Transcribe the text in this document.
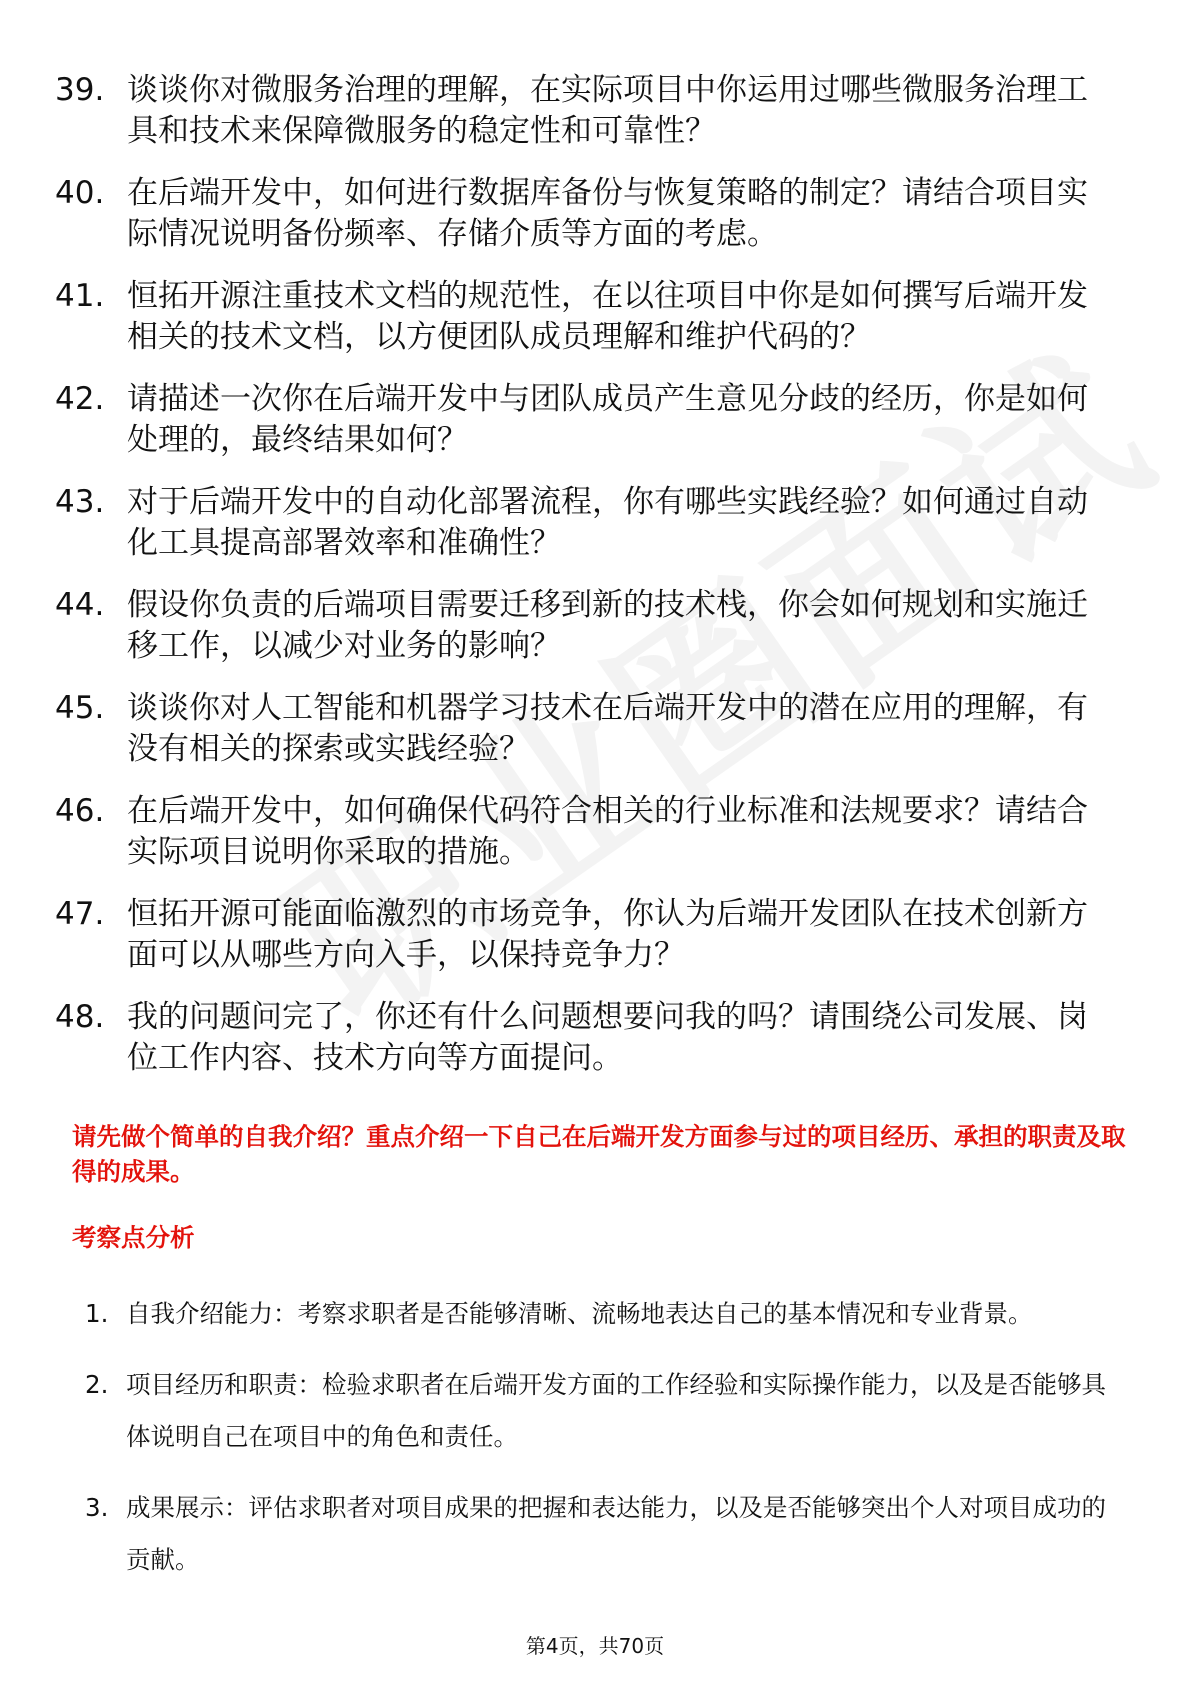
39. 谈谈你对微服务治理的理解，在实际项目中你运用过哪些微服务治理工具和技术来保障微服务的稳定性和可靠性？
40. 在后端开发中，如何进行数据库备份与恢复策略的制定？请结合项目实际情况说明备份频率、存储介质等方面的考虑。
41. 恒拓开源注重技术文档的规范性，在以往项目中你是如何撰写后端开发相关的技术文档，以方便团队成员理解和维护代码的？
42. 请描述一次你在后端开发中与团队成员产生意见分歧的经历，你是如何处理的，最终结果如何？
43. 对于后端开发中的自动化部署流程，你有哪些实践经验？如何通过自动化工具提高部署效率和准确性？
44. 假设你负责的后端项目需要迁移到新的技术栈，你会如何规划和实施迁移工作，以减少对业务的影响？
45. 谈谈你对人工智能和机器学习技术在后端开发中的潜在应用的理解，有没有相关的探索或实践经验？
46. 在后端开发中，如何确保代码符合相关的行业标准和法规要求？请结合实际项目说明你采取的措施。
47. 恒拓开源可能面临激烈的市场竞争，你认为后端开发团队在技术创新方面可以从哪些方向入手，以保持竞争力？
48. 我的问题问完了，你还有什么问题想要问我的吗？请围绕公司发展、岗位工作内容、技术方向等方面提问。
请先做个简单的自我介绍？重点介绍一下自己在后端开发方面参与过的项目经历、承担的职责及取得的成果。
考察点分析
1. 自我介绍能力：考察求职者是否能够清晰、流畅地表达自己的基本情况和专业背景。
2. 项目经历和职责：检验求职者在后端开发方面的工作经验和实际操作能力，以及是否能够具体说明自己在项目中的角色和责任。
3. 成果展示：评估求职者对项目成果的把握和表达能力，以及是否能够突出个人对项目成功的贡献。
第4页，共70页
